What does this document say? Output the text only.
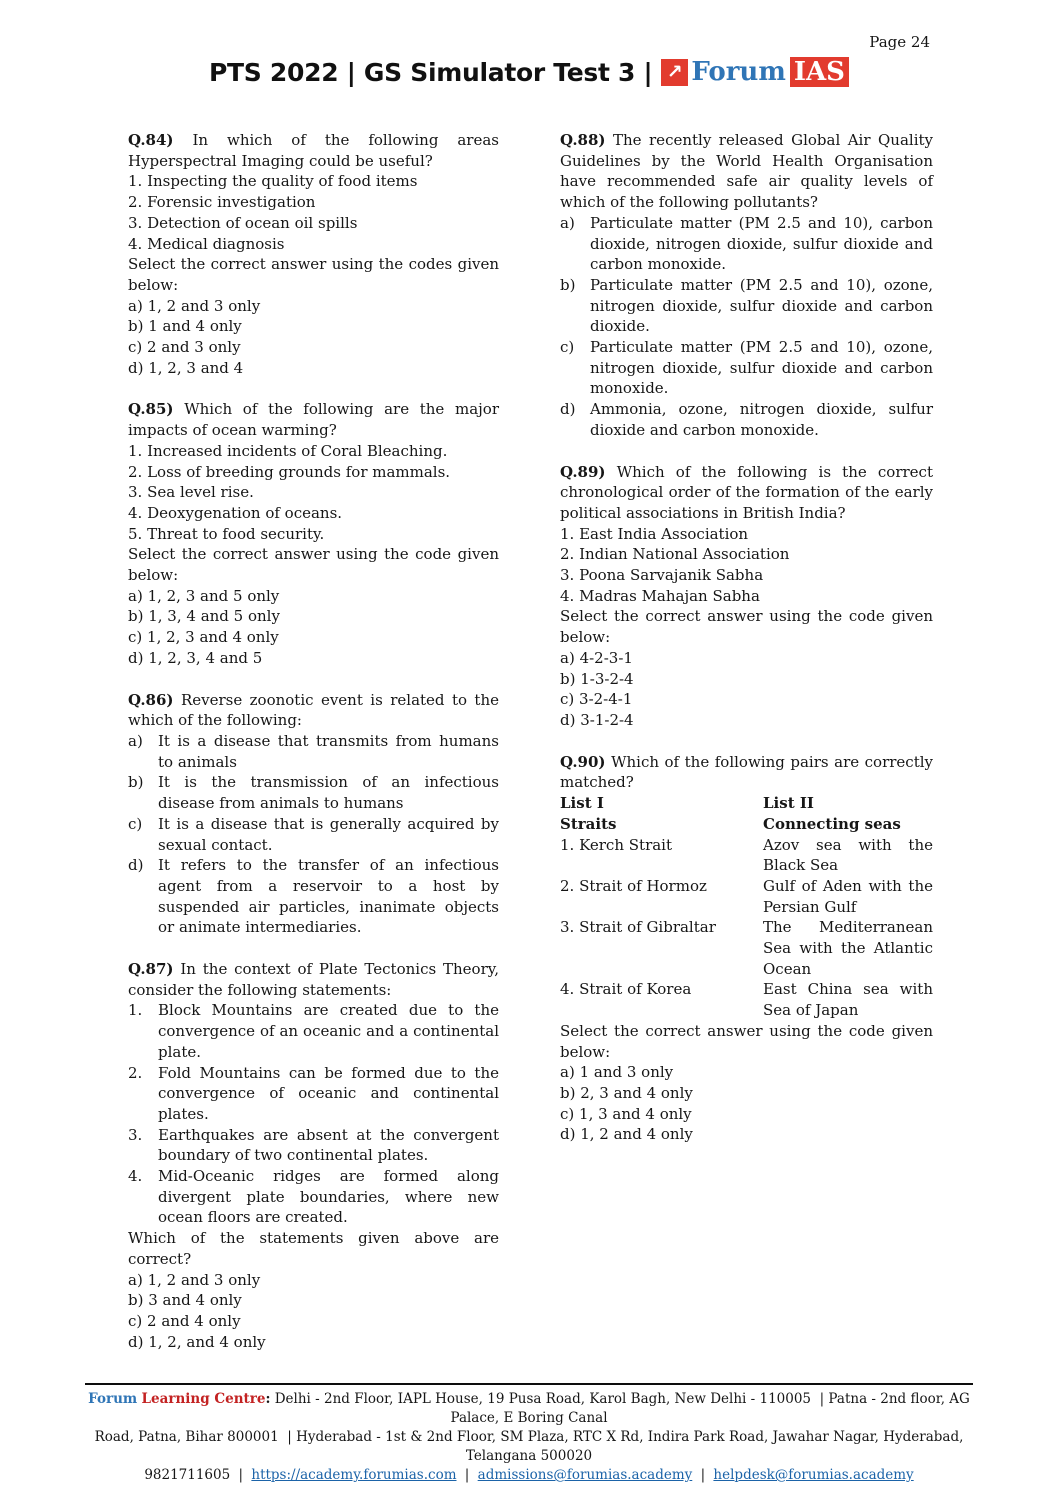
Page 24
PTS 2022 | GS Simulator Test 3 | ↗ Forum IAS
Q.84) In which of the following areas Hyperspectral Imaging could be useful?
1. Inspecting the quality of food items
2. Forensic investigation
3. Detection of ocean oil spills
4. Medical diagnosis
Select the correct answer using the codes given below:
a) 1, 2 and 3 only
b) 1 and 4 only
c) 2 and 3 only
d) 1, 2, 3 and 4
Q.85) Which of the following are the major impacts of ocean warming?
1. Increased incidents of Coral Bleaching.
2. Loss of breeding grounds for mammals.
3. Sea level rise.
4. Deoxygenation of oceans.
5. Threat to food security.
Select the correct answer using the code given below:
a) 1, 2, 3 and 5 only
b) 1, 3, 4 and 5 only
c) 1, 2, 3 and 4 only
d) 1, 2, 3, 4 and 5
Q.86) Reverse zoonotic event is related to the which of the following:
a)	It is a disease that transmits from humans to animals
b) It is the transmission of an infectious disease from animals to humans
c)	It is a disease that is generally acquired by sexual contact.
d) It refers to the transfer of an infectious agent from a reservoir to a host by suspended air particles, inanimate objects or animate intermediaries.
Q.87) In the context of Plate Tectonics Theory, consider the following statements:
1.	Block Mountains are created due to the convergence of an oceanic and a continental plate.
2.	Fold Mountains can be formed due to the convergence of oceanic and continental plates.
3.	Earthquakes are absent at the convergent boundary of two continental plates.
4.	Mid-Oceanic ridges are formed along divergent plate boundaries, where new ocean floors are created.
Which of the statements given above are correct?
a) 1, 2 and 3 only
b) 3 and 4 only
c) 2 and 4 only
d) 1, 2, and 4 only
Q.88) The recently released Global Air Quality Guidelines by the World Health Organisation have recommended safe air quality levels of which of the following pollutants?
a)	Particulate matter (PM 2.5 and 10), carbon dioxide, nitrogen dioxide, sulfur dioxide and carbon monoxide.
b) Particulate matter (PM 2.5 and 10), ozone, nitrogen dioxide, sulfur dioxide and carbon dioxide.
c)	Particulate matter (PM 2.5 and 10), ozone, nitrogen dioxide, sulfur dioxide and carbon monoxide.
d) Ammonia, ozone, nitrogen dioxide, sulfur dioxide and carbon monoxide.
Q.89) Which of the following is the correct chronological order of the formation of the early political associations in British India?
1. East India Association
2. Indian National Association
3. Poona Sarvajanik Sabha
4. Madras Mahajan Sabha
Select the correct answer using the code given below:
a) 4-2-3-1
b) 1-3-2-4
c) 3-2-4-1
d) 3-1-2-4
Q.90) Which of the following pairs are correctly matched?
List I	List II
Straits	Connecting seas
1. Kerch Strait	Azov sea with the Black Sea
2. Strait of Hormoz	Gulf of Aden with the Persian Gulf
3. Strait of Gibraltar	The Mediterranean Sea with the Atlantic Ocean
4. Strait of Korea	East China sea with Sea of Japan
Select the correct answer using the code given below:
a) 1 and 3 only
b) 2, 3 and 4 only
c) 1, 3 and 4 only
d) 1, 2 and 4 only
Forum Learning Centre: Delhi - 2nd Floor, IAPL House, 19 Pusa Road, Karol Bagh, New Delhi - 110005  | Patna - 2nd floor, AG Palace, E Boring Canal
Road, Patna, Bihar 800001  | Hyderabad - 1st & 2nd Floor, SM Plaza, RTC X Rd, Indira Park Road, Jawahar Nagar, Hyderabad, Telangana 500020
9821711605 | https://academy.forumias.com | admissions@forumias.academy | helpdesk@forumias.academy
